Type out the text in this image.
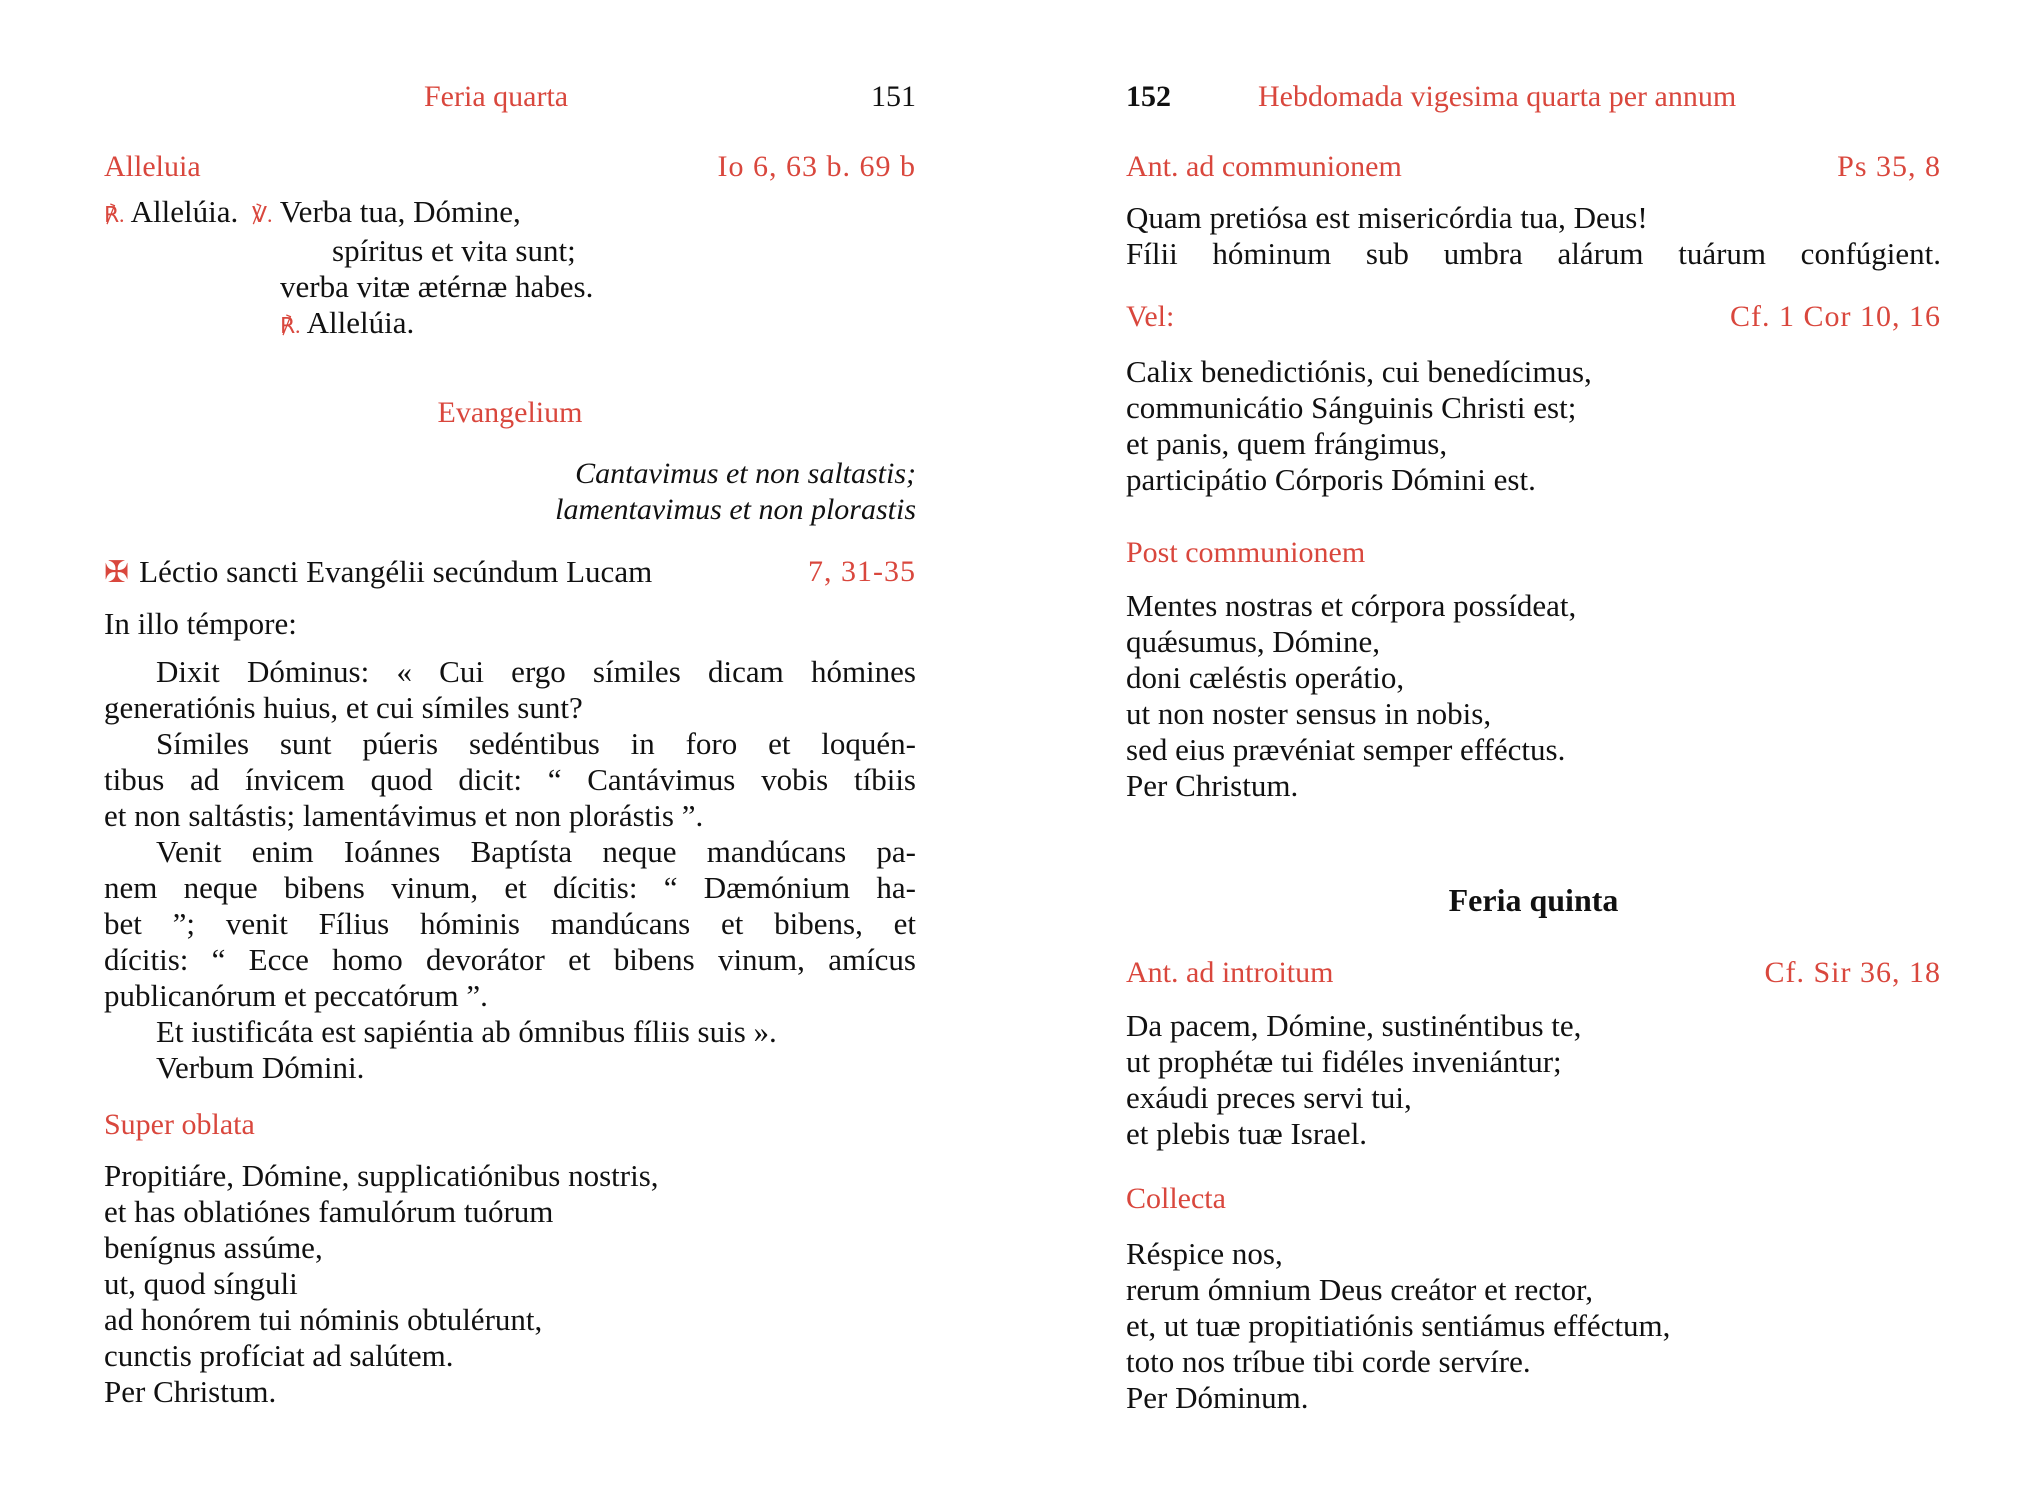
Feria quarta	151
Alleluia	Io 6, 63 b. 69 b
℟. Allelúia. ℣. Verba tua, Dómine,
spíritus et vita sunt;
verba vitæ ætérnæ habes.
℟. Allelúia.
Evangelium
Cantavimus et non saltastis;
lamentavimus et non plorastis
✠ Léctio sancti Evangélii secúndum Lucam	7, 31-35
In illo témpore:
Dixit Dóminus: « Cui ergo símiles dicam hómines
generatiónis huius, et cui símiles sunt?
Símiles sunt púeris sedéntibus in foro et loquén-
tibus ad ínvicem quod dicit: “ Cantávimus vobis tíbiis
et non saltástis; lamentávimus et non plorástis ”.
Venit enim Ioánnes Baptísta neque mandúcans pa-
nem neque bibens vinum, et dícitis: “ Dæmónium ha-
bet ”; venit Fílius hóminis mandúcans et bibens, et
dícitis: “ Ecce homo devorátor et bibens vinum, amícus
publicanórum et peccatórum ”.
Et iustificáta est sapiéntia ab ómnibus fíliis suis ».
Verbum Dómini.
Super oblata
Propitiáre, Dómine, supplicatiónibus nostris,
et has oblatiónes famulórum tuórum
benígnus assúme,
ut, quod sínguli
ad honórem tui nóminis obtulérunt,
cunctis profíciat ad salútem.
Per Christum.
152	Hebdomada vigesima quarta per annum
Ant. ad communionem	Ps 35, 8
Quam pretiósa est misericórdia tua, Deus!
Fílii hóminum sub umbra alárum tuárum confúgient.
Vel:	Cf. 1 Cor 10, 16
Calix benedictiónis, cui benedícimus,
communicátio Sánguinis Christi est;
et panis, quem frángimus,
participátio Córporis Dómini est.
Post communionem
Mentes nostras et córpora possídeat,
quǽsumus, Dómine,
doni cæléstis operátio,
ut non noster sensus in nobis,
sed eius prævéniat semper efféctus.
Per Christum.
Feria quinta
Ant. ad introitum	Cf. Sir 36, 18
Da pacem, Dómine, sustinéntibus te,
ut prophétæ tui fidéles inveniántur;
exáudi preces servi tui,
et plebis tuæ Israel.
Collecta
Réspice nos,
rerum ómnium Deus creátor et rector,
et, ut tuæ propitiatiónis sentiámus efféctum,
toto nos tríbue tibi corde servíre.
Per Dóminum.
